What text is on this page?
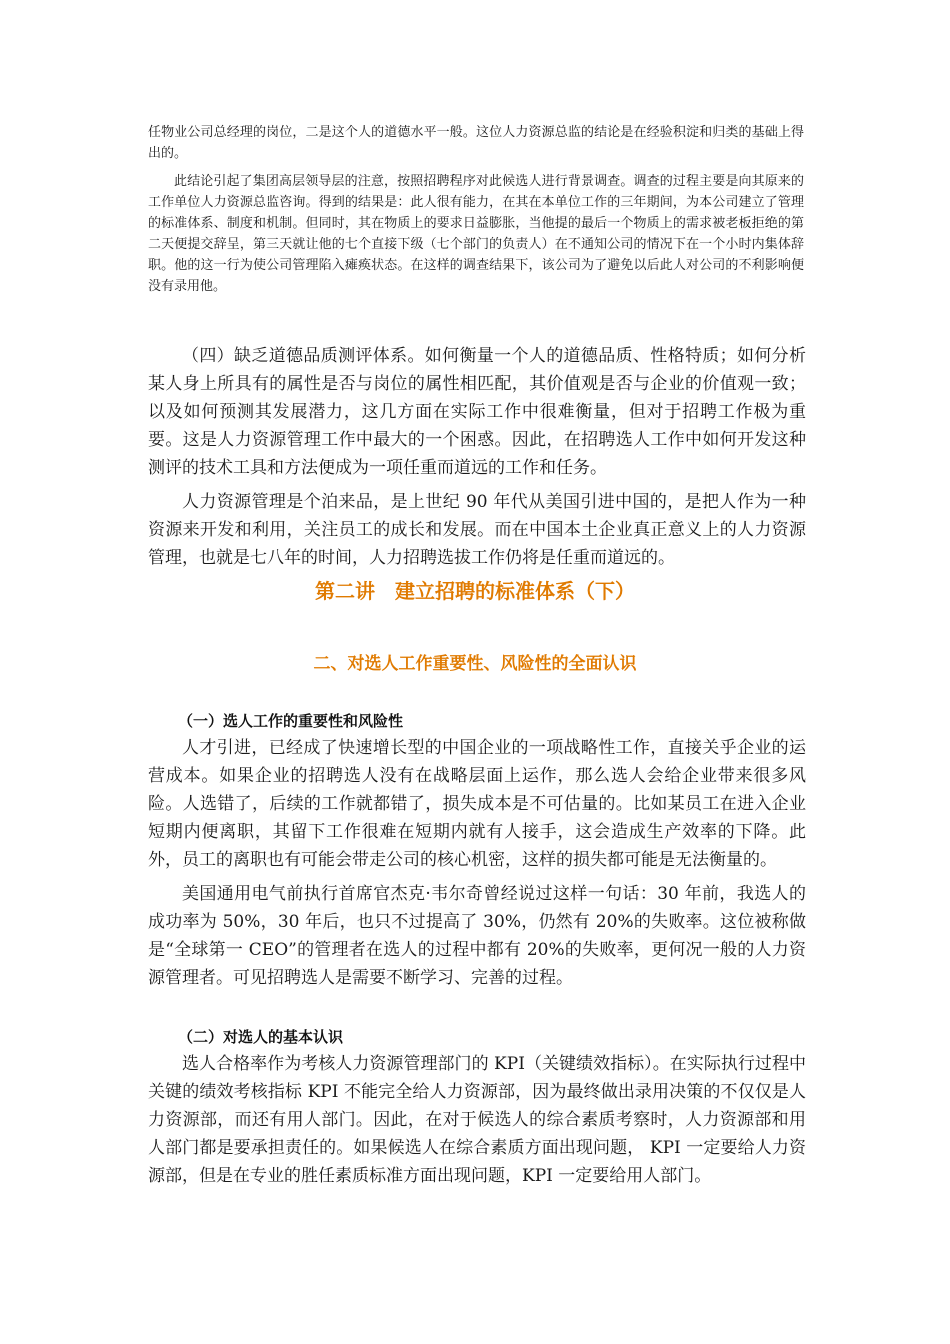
任物业公司总经理的岗位，二是这个人的道德水平一般。这位人力资源总监的结论是在经验积淀和归类的基础上得出的。

此结论引起了集团高层领导层的注意，按照招聘程序对此候选人进行背景调查。调查的过程主要是向其原来的工作单位人力资源总监咨询。得到的结果是：此人很有能力，在其在本单位工作的三年期间，为本公司建立了管理的标准体系、制度和机制。但同时，其在物质上的要求日益膨胀，当他提的最后一个物质上的需求被老板拒绝的第二天便提交辞呈，第三天就让他的七个直接下级（七个部门的负责人）在不通知公司的情况下在一个小时内集体辞职。他的这一行为使公司管理陷入瘫痪状态。在这样的调查结果下，该公司为了避免以后此人对公司的不利影响便没有录用他。

（四）缺乏道德品质测评体系。如何衡量一个人的道德品质、性格特质；如何分析某人身上所具有的属性是否与岗位的属性相匹配，其价值观是否与企业的价值观一致；以及如何预测其发展潜力，这几方面在实际工作中很难衡量，但对于招聘工作极为重要。这是人力资源管理工作中最大的一个困惑。因此，在招聘选人工作中如何开发这种测评的技术工具和方法便成为一项任重而道远的工作和任务。

人力资源管理是个泊来品，是上世纪 90 年代从美国引进中国的，是把人作为一种资源来开发和利用，关注员工的成长和发展。而在中国本土企业真正意义上的人力资源管理，也就是七八年的时间，人力招聘选拔工作仍将是任重而道远的。

第二讲　建立招聘的标准体系（下）
二、对选人工作重要性、风险性的全面认识
（一）选人工作的重要性和风险性

人才引进，已经成了快速增长型的中国企业的一项战略性工作，直接关乎企业的运营成本。如果企业的招聘选人没有在战略层面上运作，那么选人会给企业带来很多风险。人选错了，后续的工作就都错了，损失成本是不可估量的。比如某员工在进入企业短期内便离职，其留下工作很难在短期内就有人接手，这会造成生产效率的下降。此外，员工的离职也有可能会带走公司的核心机密，这样的损失都可能是无法衡量的。

美国通用电气前执行首席官杰克·韦尔奇曾经说过这样一句话：30 年前，我选人的成功率为 50%，30 年后，也只不过提高了 30%，仍然有 20%的失败率。这位被称做是“全球第一 CEO”的管理者在选人的过程中都有 20%的失败率，更何况一般的人力资源管理者。可见招聘选人是需要不断学习、完善的过程。

（二）对选人的基本认识

选人合格率作为考核人力资源管理部门的 KPI（关键绩效指标）。在实际执行过程中关键的绩效考核指标 KPI 不能完全给人力资源部，因为最终做出录用决策的不仅仅是人力资源部，而还有用人部门。因此，在对于候选人的综合素质考察时，人力资源部和用人部门都是要承担责任的。如果候选人在综合素质方面出现问题， KPI 一定要给人力资源部，但是在专业的胜任素质标准方面出现问题，KPI 一定要给用人部门。
